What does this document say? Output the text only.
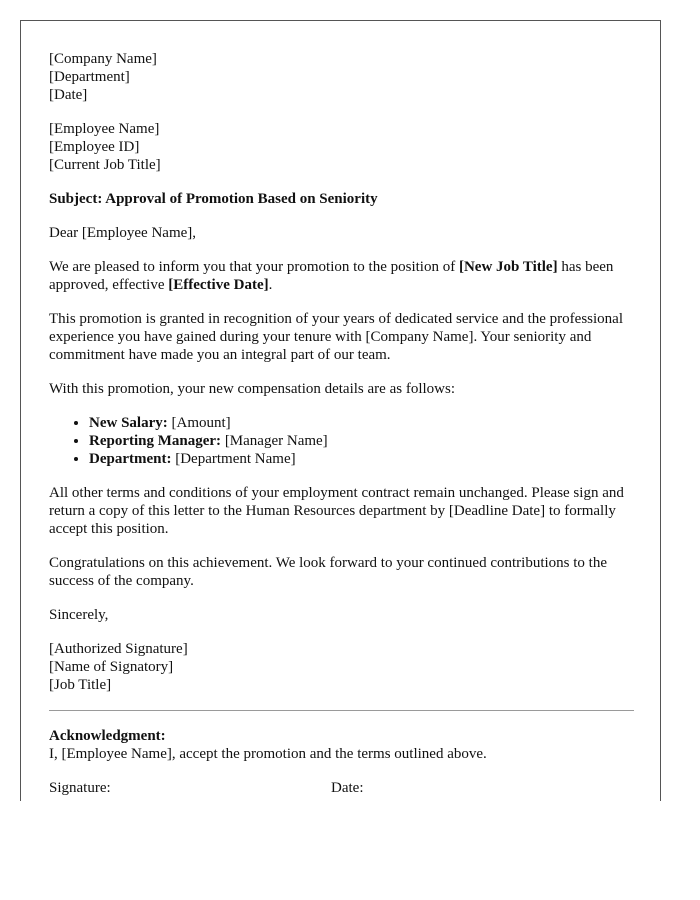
[Company Name]
[Department]
[Date]
[Employee Name]
[Employee ID]
[Current Job Title]

Subject: Approval of Promotion Based on Seniority

Dear [Employee Name],

We are pleased to inform you that your promotion to the position of [New Job Title] has been approved, effective [Effective Date].

This promotion is granted in recognition of your years of dedicated service and the professional experience you have gained during your tenure with [Company Name]. Your seniority and commitment have made you an integral part of our team.

With this promotion, your new compensation details are as follows:

• New Salary: [Amount]
• Reporting Manager: [Manager Name]
• Department: [Department Name]

All other terms and conditions of your employment contract remain unchanged. Please sign and return a copy of this letter to the Human Resources department by [Deadline Date] to formally accept this position.

Congratulations on this achievement. We look forward to your continued contributions to the success of the company.

Sincerely,

[Authorized Signature]
[Name of Signatory]
[Job Title]

Acknowledgment:

I, [Employee Name], accept the promotion and the terms outlined above.

Signature:	Date:
